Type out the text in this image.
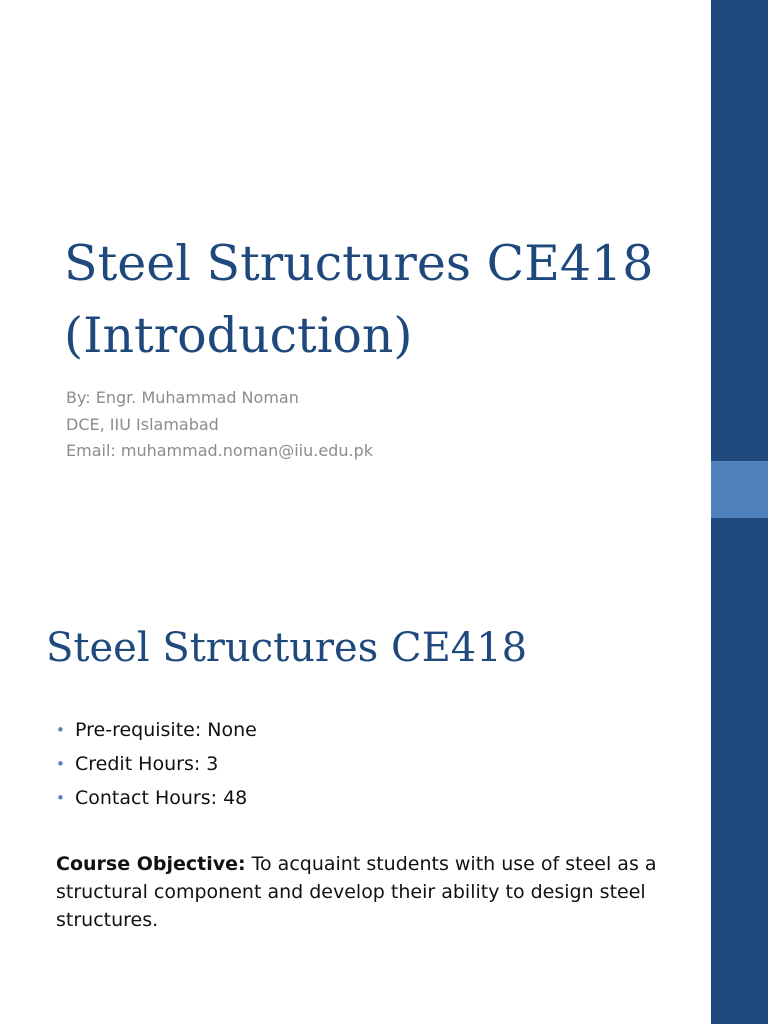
Steel Structures CE418
(Introduction)
By: Engr. Muhammad Noman
DCE, IIU Islamabad
Email: muhammad.noman@iiu.edu.pk
Steel Structures CE418
• Pre-requisite: None
• Credit Hours: 3
• Contact Hours: 48

Course Objective: To acquaint students with use of steel as a structural component and develop their ability to design steel structures.
